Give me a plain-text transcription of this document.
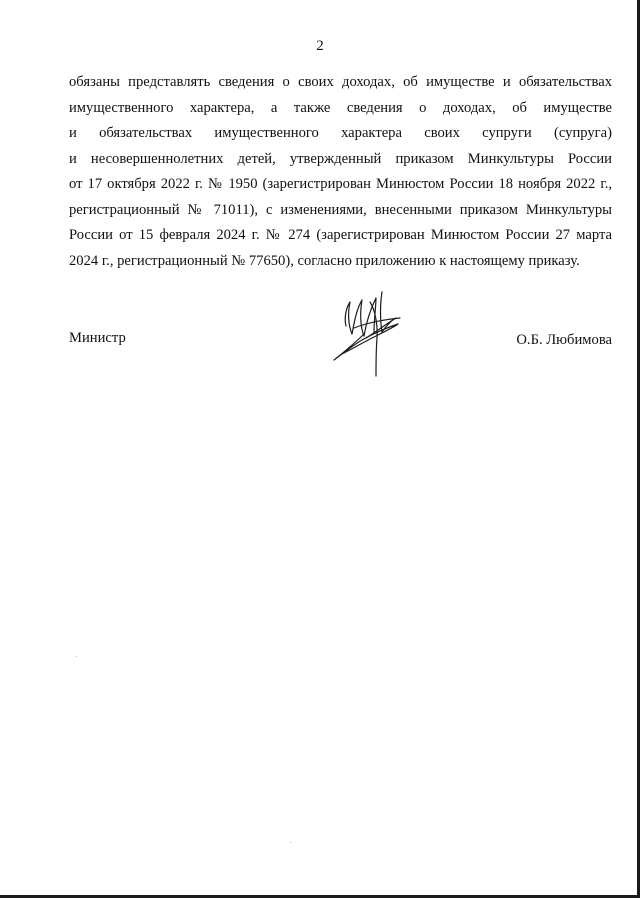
2
обязаны представлять сведения о своих доходах, об имуществе и обязательствах
имущественного характера, а также сведения о доходах, об имуществе
и обязательствах имущественного характера своих супруги (супруга)
и несовершеннолетних детей, утвержденный приказом Минкультуры России
от 17 октября 2022 г. № 1950 (зарегистрирован Минюстом России 18 ноября 2022 г.,
регистрационный № 71011), с изменениями, внесенными приказом Минкультуры
России от 15 февраля 2024 г. № 274 (зарегистрирован Минюстом России 27 марта
2024 г., регистрационный № 77650), согласно приложению к настоящему приказу.
Министр	О.Б. Любимова
